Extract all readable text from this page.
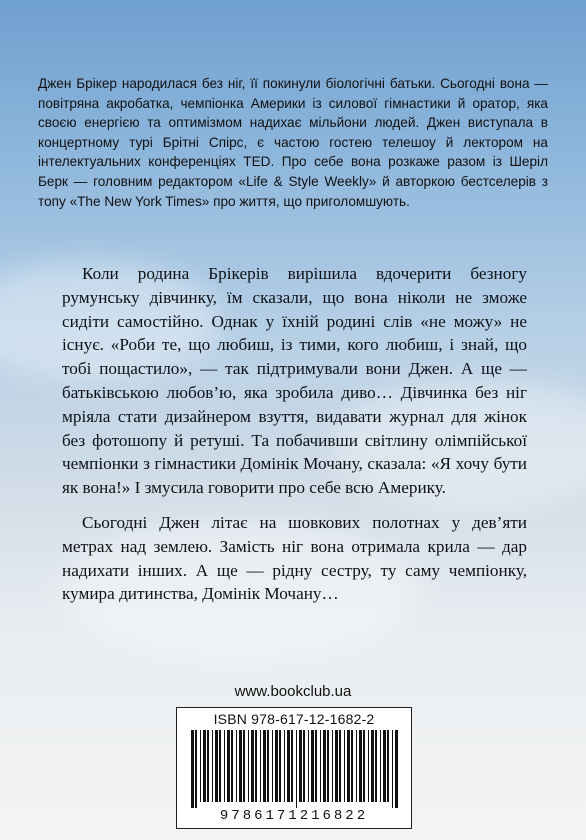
Джен Брікер народилася без ніг, її покинули біологічні батьки. Сьогодні вона — повітряна акробатка, чемпіонка Америки із силової гімнастики й оратор, яка своєю енергією та оптимізмом надихає мільйони людей. Джен виступала в концертному турі Брітні Спірс, є частою гостею телешоу й лектором на інтелектуальних конференціях TED. Про себе вона розкаже разом із Шеріл Берк — головним редактором «Life & Style Weekly» й авторкою бестселерів з топу «The New York Times» про життя, що приголомшують.

Коли родина Брікерів вирішила вдочерити безногу румунську дівчинку, їм сказали, що вона ніколи не зможе сидіти самостійно. Однак у їхній родині слів «не можу» не існує. «Роби те, що любиш, із тими, кого любиш, і знай, що тобі пощастило», — так підтримували вони Джен. А ще — батьківською любов’ю, яка зробила диво… Дівчинка без ніг мріяла стати дизайнером взуття, видавати журнал для жінок без фотошопу й ретуші. Та побачивши світлину олімпійської чемпіонки з гімнастики Домінік Мочану, сказала: «Я хочу бути як вона!» І змусила говорити про себе всю Америку.

Сьогодні Джен літає на шовкових полотнах у дев’яти метрах над землею. Замість ніг вона отримала крила — дар надихати інших. А ще — рідну сестру, ту саму чемпіонку, кумира дитинства, Домінік Мочану…

www.bookclub.ua
ISBN 978-617-12-1682-2
9786171216822
